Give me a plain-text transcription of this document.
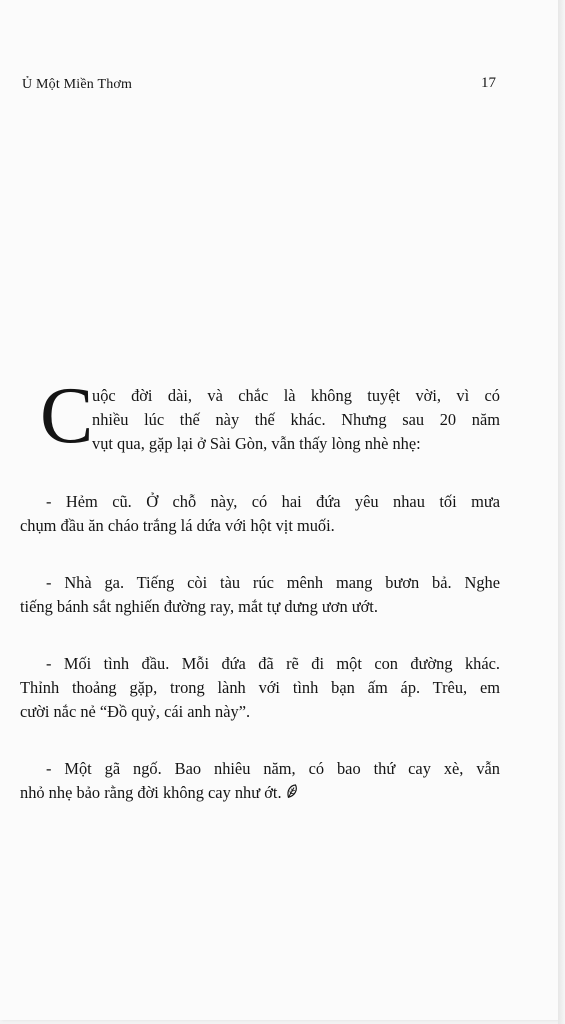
Ủ Một Miền Thơm	17
C
uộc đời dài, và chắc là không tuyệt vời, vì có
nhiều lúc thế này thế khác. Nhưng sau 20 năm
vụt qua, gặp lại ở Sài Gòn, vẫn thấy lòng nhè nhẹ:
- Hẻm cũ. Ở chỗ này, có hai đứa yêu nhau tối mưa
chụm đầu ăn cháo trắng lá dứa với hột vịt muối.
- Nhà ga. Tiếng còi tàu rúc mênh mang bươn bả. Nghe
tiếng bánh sắt nghiến đường ray, mắt tự dưng ươn ướt.
- Mối tình đầu. Mỗi đứa đã rẽ đi một con đường khác.
Thỉnh thoảng gặp, trong lành với tình bạn ấm áp. Trêu, em
cười nắc nẻ “Đồ quỷ, cái anh này”.
- Một gã ngố. Bao nhiêu năm, có bao thứ cay xè, vẫn
nhỏ nhẹ bảo rằng đời không cay như ớt.
